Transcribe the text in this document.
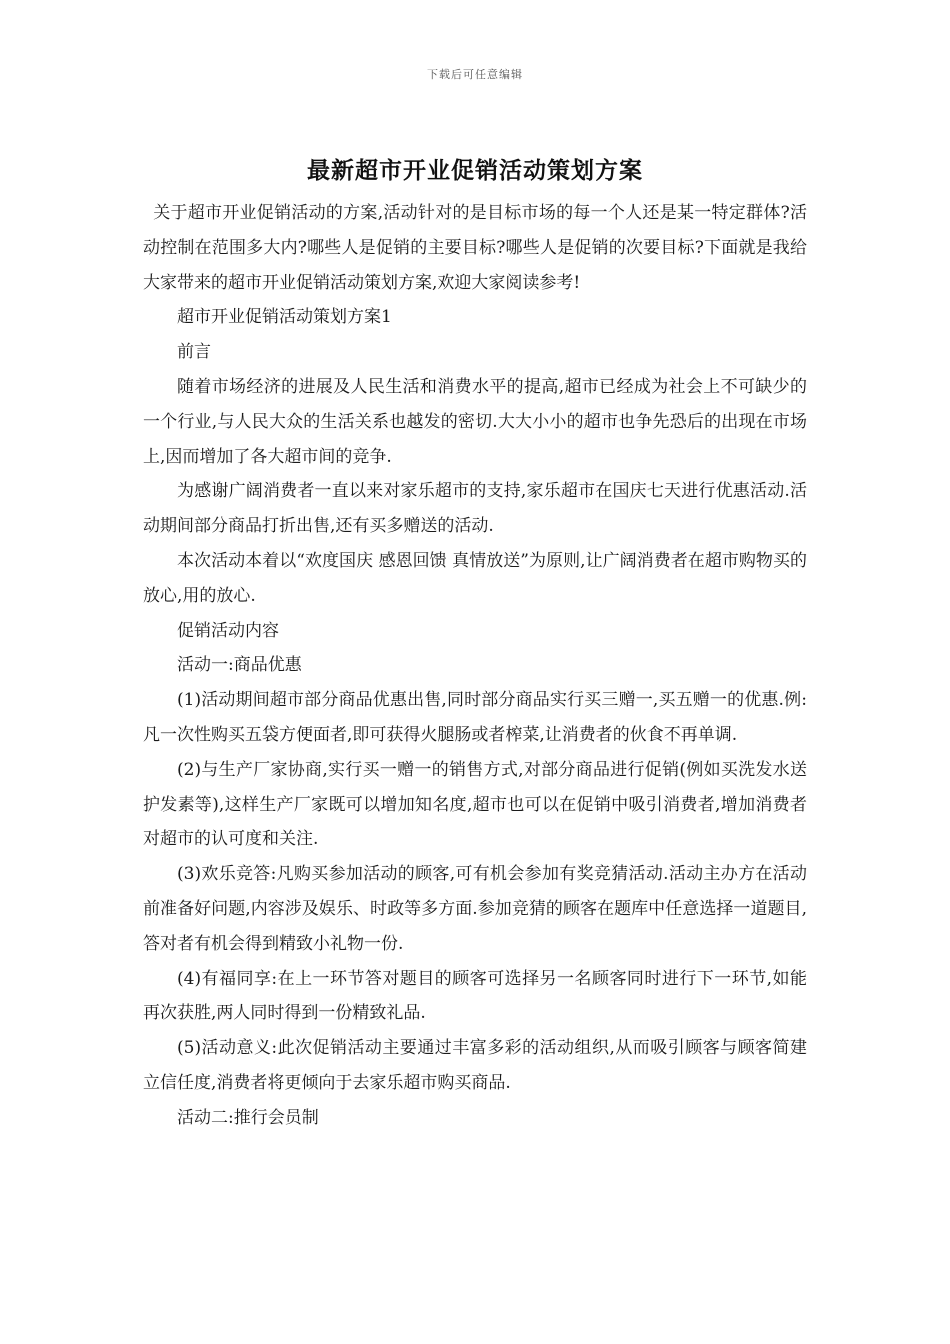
下载后可任意编辑
最新超市开业促销活动策划方案

关于超市开业促销活动的方案,活动针对的是目标市场的每一个人还是某一特定群体?活动控制在范围多大内?哪些人是促销的主要目标?哪些人是促销的次要目标?下面就是我给大家带来的超市开业促销活动策划方案,欢迎大家阅读参考!

超市开业促销活动策划方案1

前言

随着市场经济的进展及人民生活和消费水平的提高,超市已经成为社会上不可缺少的一个行业,与人民大众的生活关系也越发的密切.大大小小的超市也争先恐后的出现在市场上,因而增加了各大超市间的竞争.

为感谢广阔消费者一直以来对家乐超市的支持,家乐超市在国庆七天进行优惠活动.活动期间部分商品打折出售,还有买多赠送的活动.

本次活动本着以“欢度国庆 感恩回馈 真情放送”为原则,让广阔消费者在超市购物买的放心,用的放心.

促销活动内容

活动一:商品优惠

(1)活动期间超市部分商品优惠出售,同时部分商品实行买三赠一,买五赠一的优惠.例:凡一次性购买五袋方便面者,即可获得火腿肠或者榨菜,让消费者的伙食不再单调.

(2)与生产厂家协商,实行买一赠一的销售方式,对部分商品进行促销(例如买洗发水送护发素等),这样生产厂家既可以增加知名度,超市也可以在促销中吸引消费者,增加消费者对超市的认可度和关注.

(3)欢乐竞答:凡购买参加活动的顾客,可有机会参加有奖竞猜活动.活动主办方在活动前准备好问题,内容涉及娱乐、时政等多方面.参加竞猜的顾客在题库中任意选择一道题目,答对者有机会得到精致小礼物一份.

(4)有福同享:在上一环节答对题目的顾客可选择另一名顾客同时进行下一环节,如能再次获胜,两人同时得到一份精致礼品.

(5)活动意义:此次促销活动主要通过丰富多彩的活动组织,从而吸引顾客与顾客简建立信任度,消费者将更倾向于去家乐超市购买商品.

活动二:推行会员制
